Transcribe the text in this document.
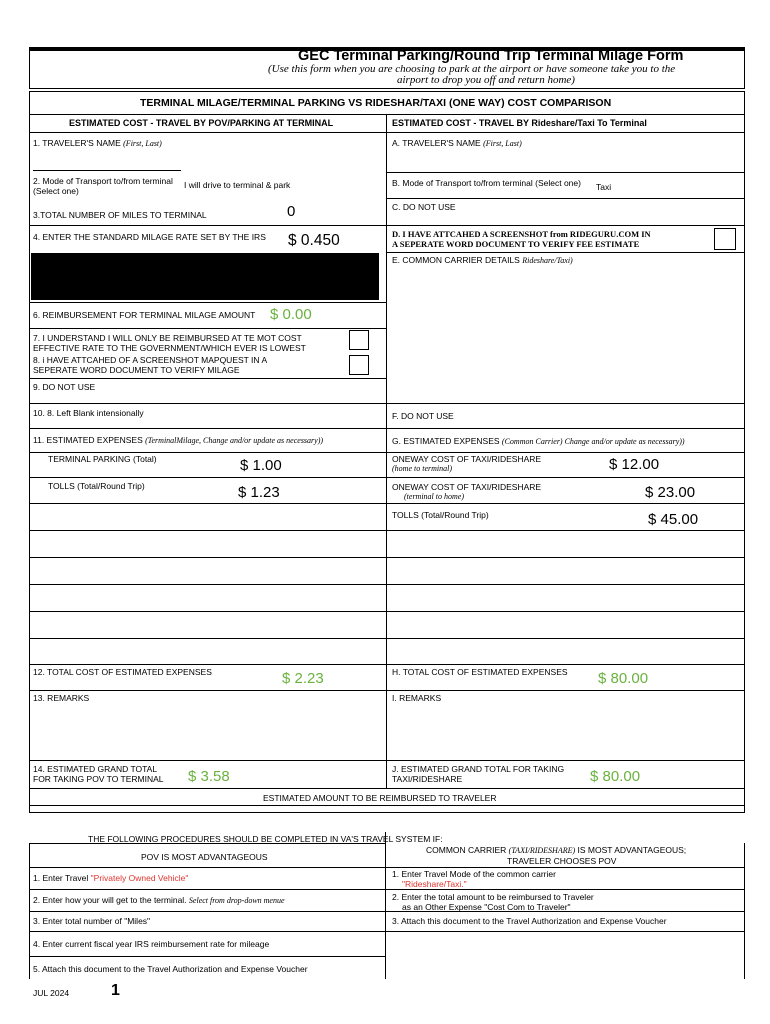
GEC Terminal Parking/Round Trip Terminal Milage Form
(Use this form when you are choosing to park at the airport or have someone take you to the
airport to drop you off and return home)
TERMINAL MILAGE/TERMINAL PARKING VS RIDESHAR/TAXI (ONE WAY) COST COMPARISON
ESTIMATED COST - TRAVEL BY POV/PARKING AT TERMINAL
1. TRAVELER'S NAME (First, Last)
2. Mode of Transport to/from terminal
(Select one)
I will drive to terminal & park
3.TOTAL NUMBER OF MILES TO TERMINAL	0
4. ENTER THE STANDARD MILAGE RATE SET BY THE IRS $ 0.450
6. REIMBURSEMENT FOR TERMINAL MILAGE AMOUNT $ 0.00
7. I UNDERSTAND I WILL ONLY BE REIMBURSED AT TE MOT COST
EFFECTIVE RATE TO THE GOVERNMENT/WHICH EVER IS LOWEST
8. i HAVE ATTCAHED OF A SCREENSHOT MAPQUEST IN A
SEPERATE WORD DOCUMENT TO VERIFY MILAGE
9. DO NOT USE
10. 8. Left Blank intensionally
11. ESTIMATED EXPENSES (TerminalMilage, Change and/or update as necessary))
TERMINAL PARKING (Total)	$ 1.00
TOLLS (Total/Round Trip)	$ 1.23
12. TOTAL COST OF ESTIMATED EXPENSES	$ 2.23
13. REMARKS
14. ESTIMATED GRAND TOTAL
FOR TAKING POV TO TERMINAL $ 3.58
ESTIMATED COST - TRAVEL BY Rideshare/Taxi To Terminal
A. TRAVELER'S NAME (First, Last)
B. Mode of Transport to/from terminal (Select one) Taxi
C. DO NOT USE
D. I HAVE ATTCAHED A SCREENSHOT from RIDEGURU.COM IN
A SEPERATE WORD DOCUMENT TO VERIFY FEE ESTIMATE
E. COMMON CARRIER DETAILS Rideshare/Taxi)
F. DO NOT USE
G. ESTIMATED EXPENSES (Common Carrier) Change and/or update as necessary))
ONEWAY COST OF TAXI/RIDESHARE
(home to terminal)	$ 12.00
ONEWAY COST OF TAXI/RIDESHARE
(terminal to home)	$ 23.00
TOLLS (Total/Round Trip)	$ 45.00
H. TOTAL COST OF ESTIMATED EXPENSES $ 80.00
I. REMARKS
J. ESTIMATED GRAND TOTAL FOR TAKING
TAXI/RIDESHARE	$ 80.00
ESTIMATED AMOUNT TO BE REIMBURSED TO TRAVELER
THE FOLLOWING PROCEDURES SHOULD BE COMPLETED IN VA'S TRAVEL SYSTEM IF:
POV IS MOST ADVANTAGEOUS
COMMON CARRIER (TAXI/RIDESHARE) IS MOST ADVANTAGEOUS;
TRAVELER CHOOSES POV
1. Enter Travel "Privately Owned Vehicle"
2. Enter how your will get to the terminal. Select from drop-down menue
3. Enter total number of "Miles"
4. Enter current fiscal year IRS reimbursement rate for mileage
5. Attach this document to the Travel Authorization and Expense Voucher
1. Enter Travel Mode of the common carrier
"Rideshare/Taxi."
2. Enter the total amount to be reimbursed to Traveler
as an Other Expense "Cost Com to Traveler"
3. Attach this document to the Travel Authorization and Expense Voucher
JUL 2024	1
